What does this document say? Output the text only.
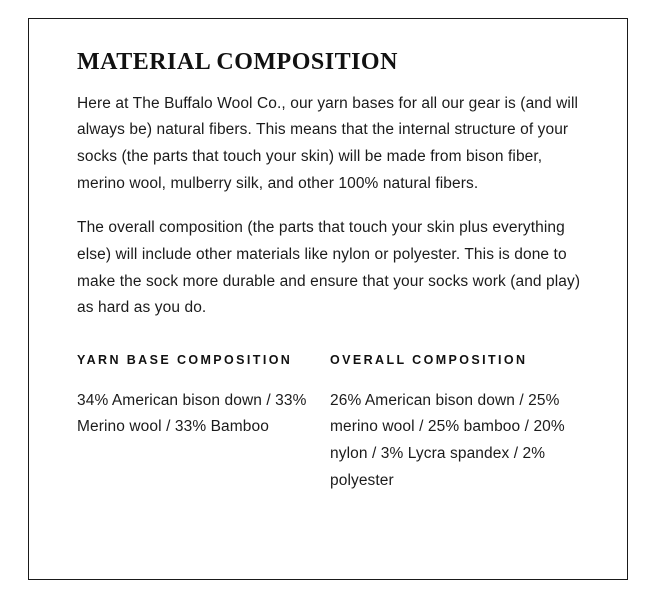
MATERIAL COMPOSITION

Here at The Buffalo Wool Co., our yarn bases for all our gear is (and will always be) natural fibers. This means that the internal structure of your socks (the parts that touch your skin) will be made from bison fiber, merino wool, mulberry silk, and other 100% natural fibers.

The overall composition (the parts that touch your skin plus everything else) will include other materials like nylon or polyester. This is done to make the sock more durable and ensure that your socks work (and play) as hard as you do.

YARN BASE COMPOSITION

34% American bison down / 33% Merino wool / 33% Bamboo

OVERALL COMPOSITION

26% American bison down / 25% merino wool / 25% bamboo / 20% nylon / 3% Lycra spandex / 2% polyester
